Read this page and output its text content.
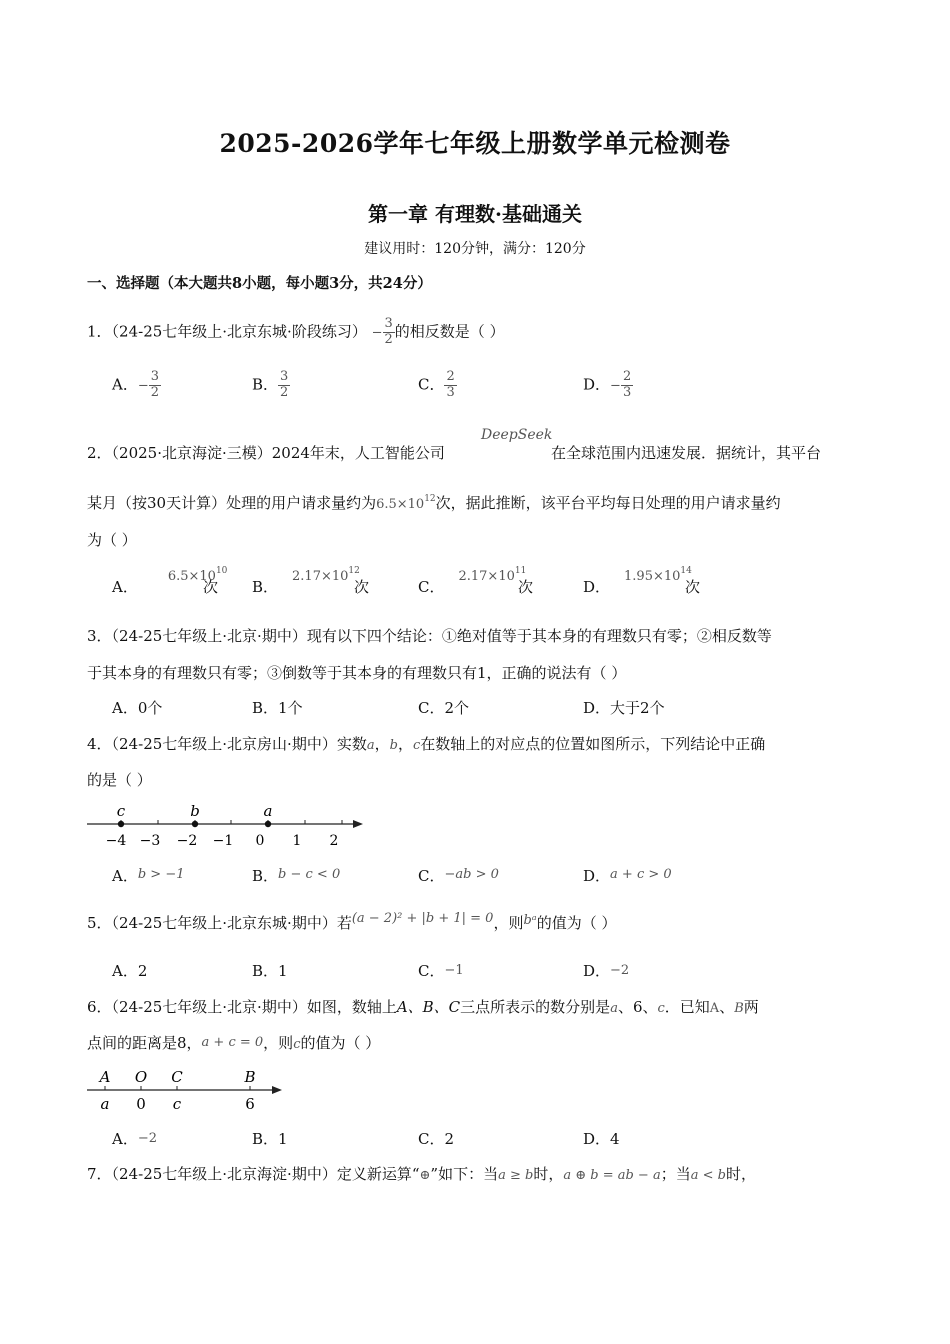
2025-2026学年七年级上册数学单元检测卷
第一章 有理数·基础通关
建议用时：120分钟，满分：120分
一、选择题（本大题共8小题，每小题3分，共24分）
1．（24-25七年级上·北京东城·阶段练习） − $\frac{3}{2}$ 的相反数是（ ）
A．− $\frac{3}{2}$	B． $\frac{3}{2}$	C． $\frac{2}{3}$	D．− $\frac{2}{3}$
2．（2025·北京海淀·三模）2024年末，人工智能公司
DeepSeek
在全球范围内迅速发展．据统计，其平台
某月（按30天计算）处理的用户请求量约为$6.5\times 10^{12}$次，据此推断，该平台平均每日处理的用户请求量约
为（ ）
A．$6.5\times 10^{10}$
次 B．$2.17\times 10^{12}$
次	C．$2.17\times 10^{11}$
次	D．$1.95\times 10^{14}$
次
3．（24-25七年级上·北京·期中）现有以下四个结论：①绝对值等于其本身的有理数只有零；②相反数等
于其本身的有理数只有零；③倒数等于其本身的有理数只有1，正确的说法有（ ）
A．0个	B．1个	C．2个	D．大于2个
4．（24-25七年级上·北京房山·期中）实数a，b，c在数轴上的对应点的位置如图所示，下列结论中正确
的是（ ）
c	b	a
−4 −3 −2 −1 0 1 2
A．b > −1	B．b − c < 0	C．−ab > 0	D．a + c > 0
5．（24-25七年级上·北京东城·期中）若(a − 2)² + |b + 1| = 0，则bᵃ的值为（ ）
A．2	B．1	C．−1	D．−2
6．（24-25七年级上·北京·期中）如图，数轴上A、B、C三点所表示的数分别是a、6、c．已知A、B两
点间的距离是8，a + c = 0，则c的值为（ ）
A O C	B
a 0 c	6
A．−2	B．1	C．2	D．4
7．（24-25七年级上·北京海淀·期中）定义新运算“⊕”如下：当a ≥ b时，a ⊕ b = ab − a；当a < b时，
